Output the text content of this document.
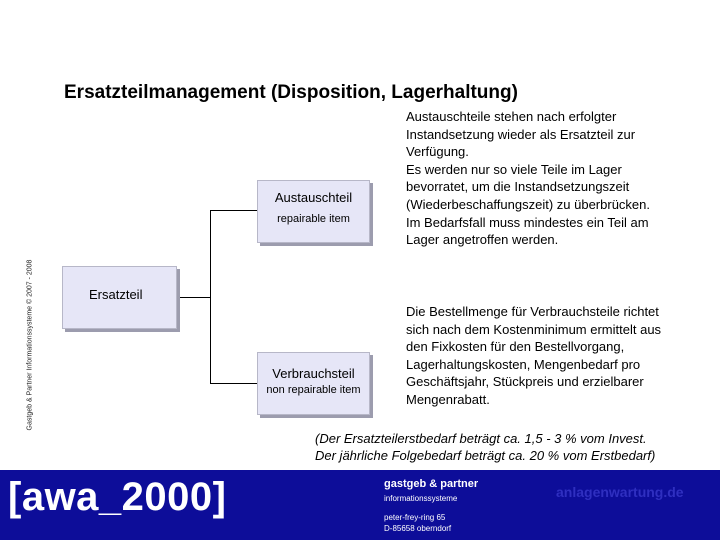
Ersatzteilmanagement (Disposition, Lagerhaltung)
Gastgeb & Partner Informationssysteme © 2007 - 2008
Austauschteil
repairable item
Ersatzteil
Verbrauchsteil
non repairable item
Austauschteile stehen nach erfolgter
Instandsetzung wieder als Ersatzteil zur
Verfügung.
Es werden nur so viele Teile im Lager
bevorratet, um die Instandsetzungszeit
(Wiederbeschaffungszeit) zu überbrücken.
Im Bedarfsfall muss mindestes ein Teil am
Lager angetroffen werden.
Die Bestellmenge für Verbrauchsteile richtet
sich nach dem Kostenminimum ermittelt aus
den Fixkosten für den Bestellvorgang,
Lagerhaltungskosten, Mengenbedarf pro
Geschäftsjahr, Stückpreis und erzielbarer
Mengenrabatt.
(Der Ersatzteilerstbedarf beträgt ca. 1,5 - 3 % vom Invest.
Der jährliche Folgebedarf beträgt ca. 20 % vom Erstbedarf)
[awa_2000]	gastgeb & partner
informationssysteme
peter-frey-ring 65
D-85658 oberndorf
anlagenwartung.de
